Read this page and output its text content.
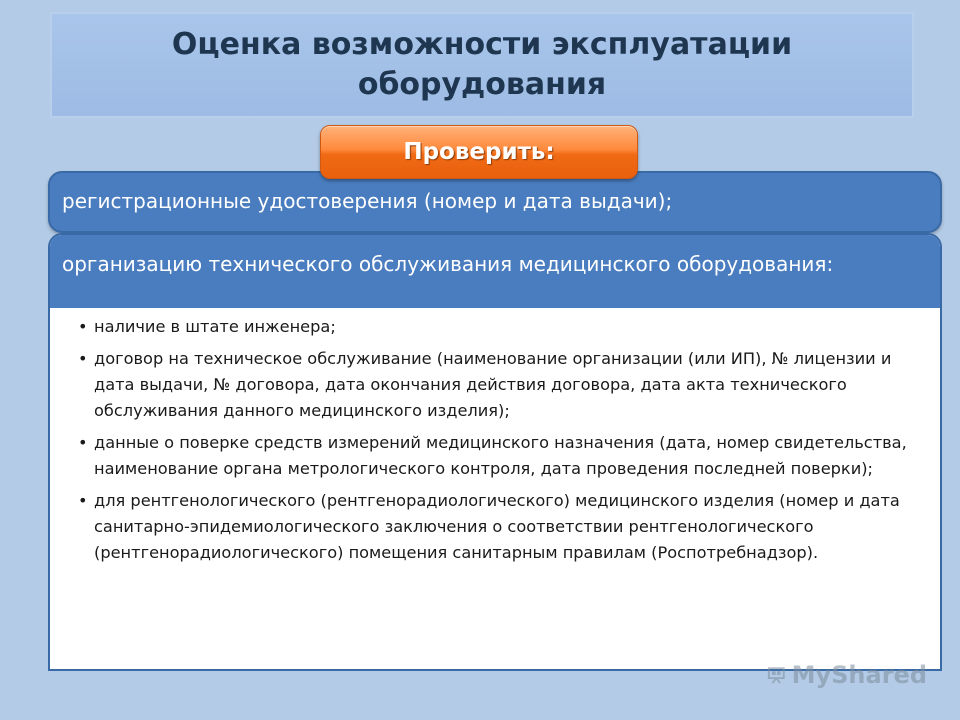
Оценка возможности эксплуатации оборудования
Проверить:

регистрационные удостоверения (номер и дата выдачи);

организацию технического обслуживания медицинского оборудования:

• наличие в штате инженера;
• договор на техническое обслуживание (наименование организации (или ИП), № лицензии и дата выдачи, № договора, дата окончания действия договора, дата акта технического обслуживания данного медицинского изделия);
• данные о поверке средств измерений медицинского назначения (дата, номер свидетельства, наименование органа метрологического контроля, дата проведения последней поверки);
• для рентгенологического (рентгенорадиологического) медицинского изделия (номер и дата санитарно-эпидемиологического заключения о соответствии рентгенологического (рентгенорадиологического) помещения санитарным правилам (Роспотребнадзор).
MyShared
